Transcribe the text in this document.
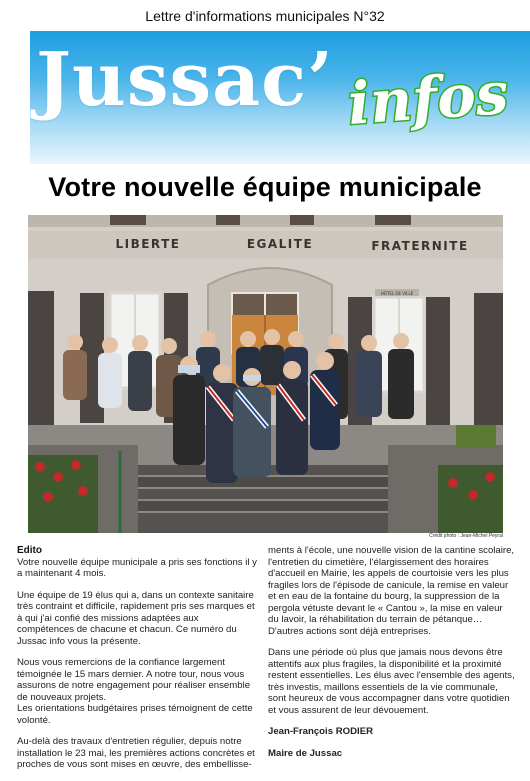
Lettre d'informations municipales N°32
Jussac’ infos
Votre nouvelle équipe municipale
LIBERTE	EGALITE	FRATERNITE
HÔTEL DE VILLE
Crédit photo : Jean-Michel Peyral
Edito

Votre nouvelle équipe municipale a pris ses fonctions il y a maintenant 4 mois.

Une équipe de 19 élus qui a, dans un contexte sanitaire très contraint et difficile, rapidement pris ses marques et à qui j'ai confié des missions adaptées aux compétences de chacune et chacun. Ce numéro du Jussac info vous la présente.

Nous vous remercions de la confiance largement témoignée le 15 mars dernier. A notre tour, nous vous assurons de notre engagement pour réaliser ensemble de nouveaux projets.

Les orientations budgétaires prises témoignent de cette volonté.

Au-delà des travaux d'entretien régulier, depuis notre installation le 23 mai, les premières actions concrètes et proches de vous sont mises en œuvre, des embellisse-

ments à l'école, une nouvelle vision de la cantine scolaire, l'entretien du cimetière, l'élargissement des horaires d'accueil en Mairie, les appels de courtoisie vers les plus fragiles lors de l'épisode de canicule, la remise en valeur et en eau de la fontaine du bourg, la suppression de la pergola vétuste devant le « Cantou », la mise en valeur du lavoir, la réhabilitation du terrain de pétanque… D'autres actions sont déjà entreprises.

Dans une période où plus que jamais nous devons être attentifs aux plus fragiles, la disponibilité et la proximité restent essentielles. Les élus avec l'ensemble des agents, très investis, maillons essentiels de la vie communale, sont heureux de vous accompagner dans votre quotidien et vous assurent de leur dévouement.

Jean-François RODIER

Maire de Jussac
